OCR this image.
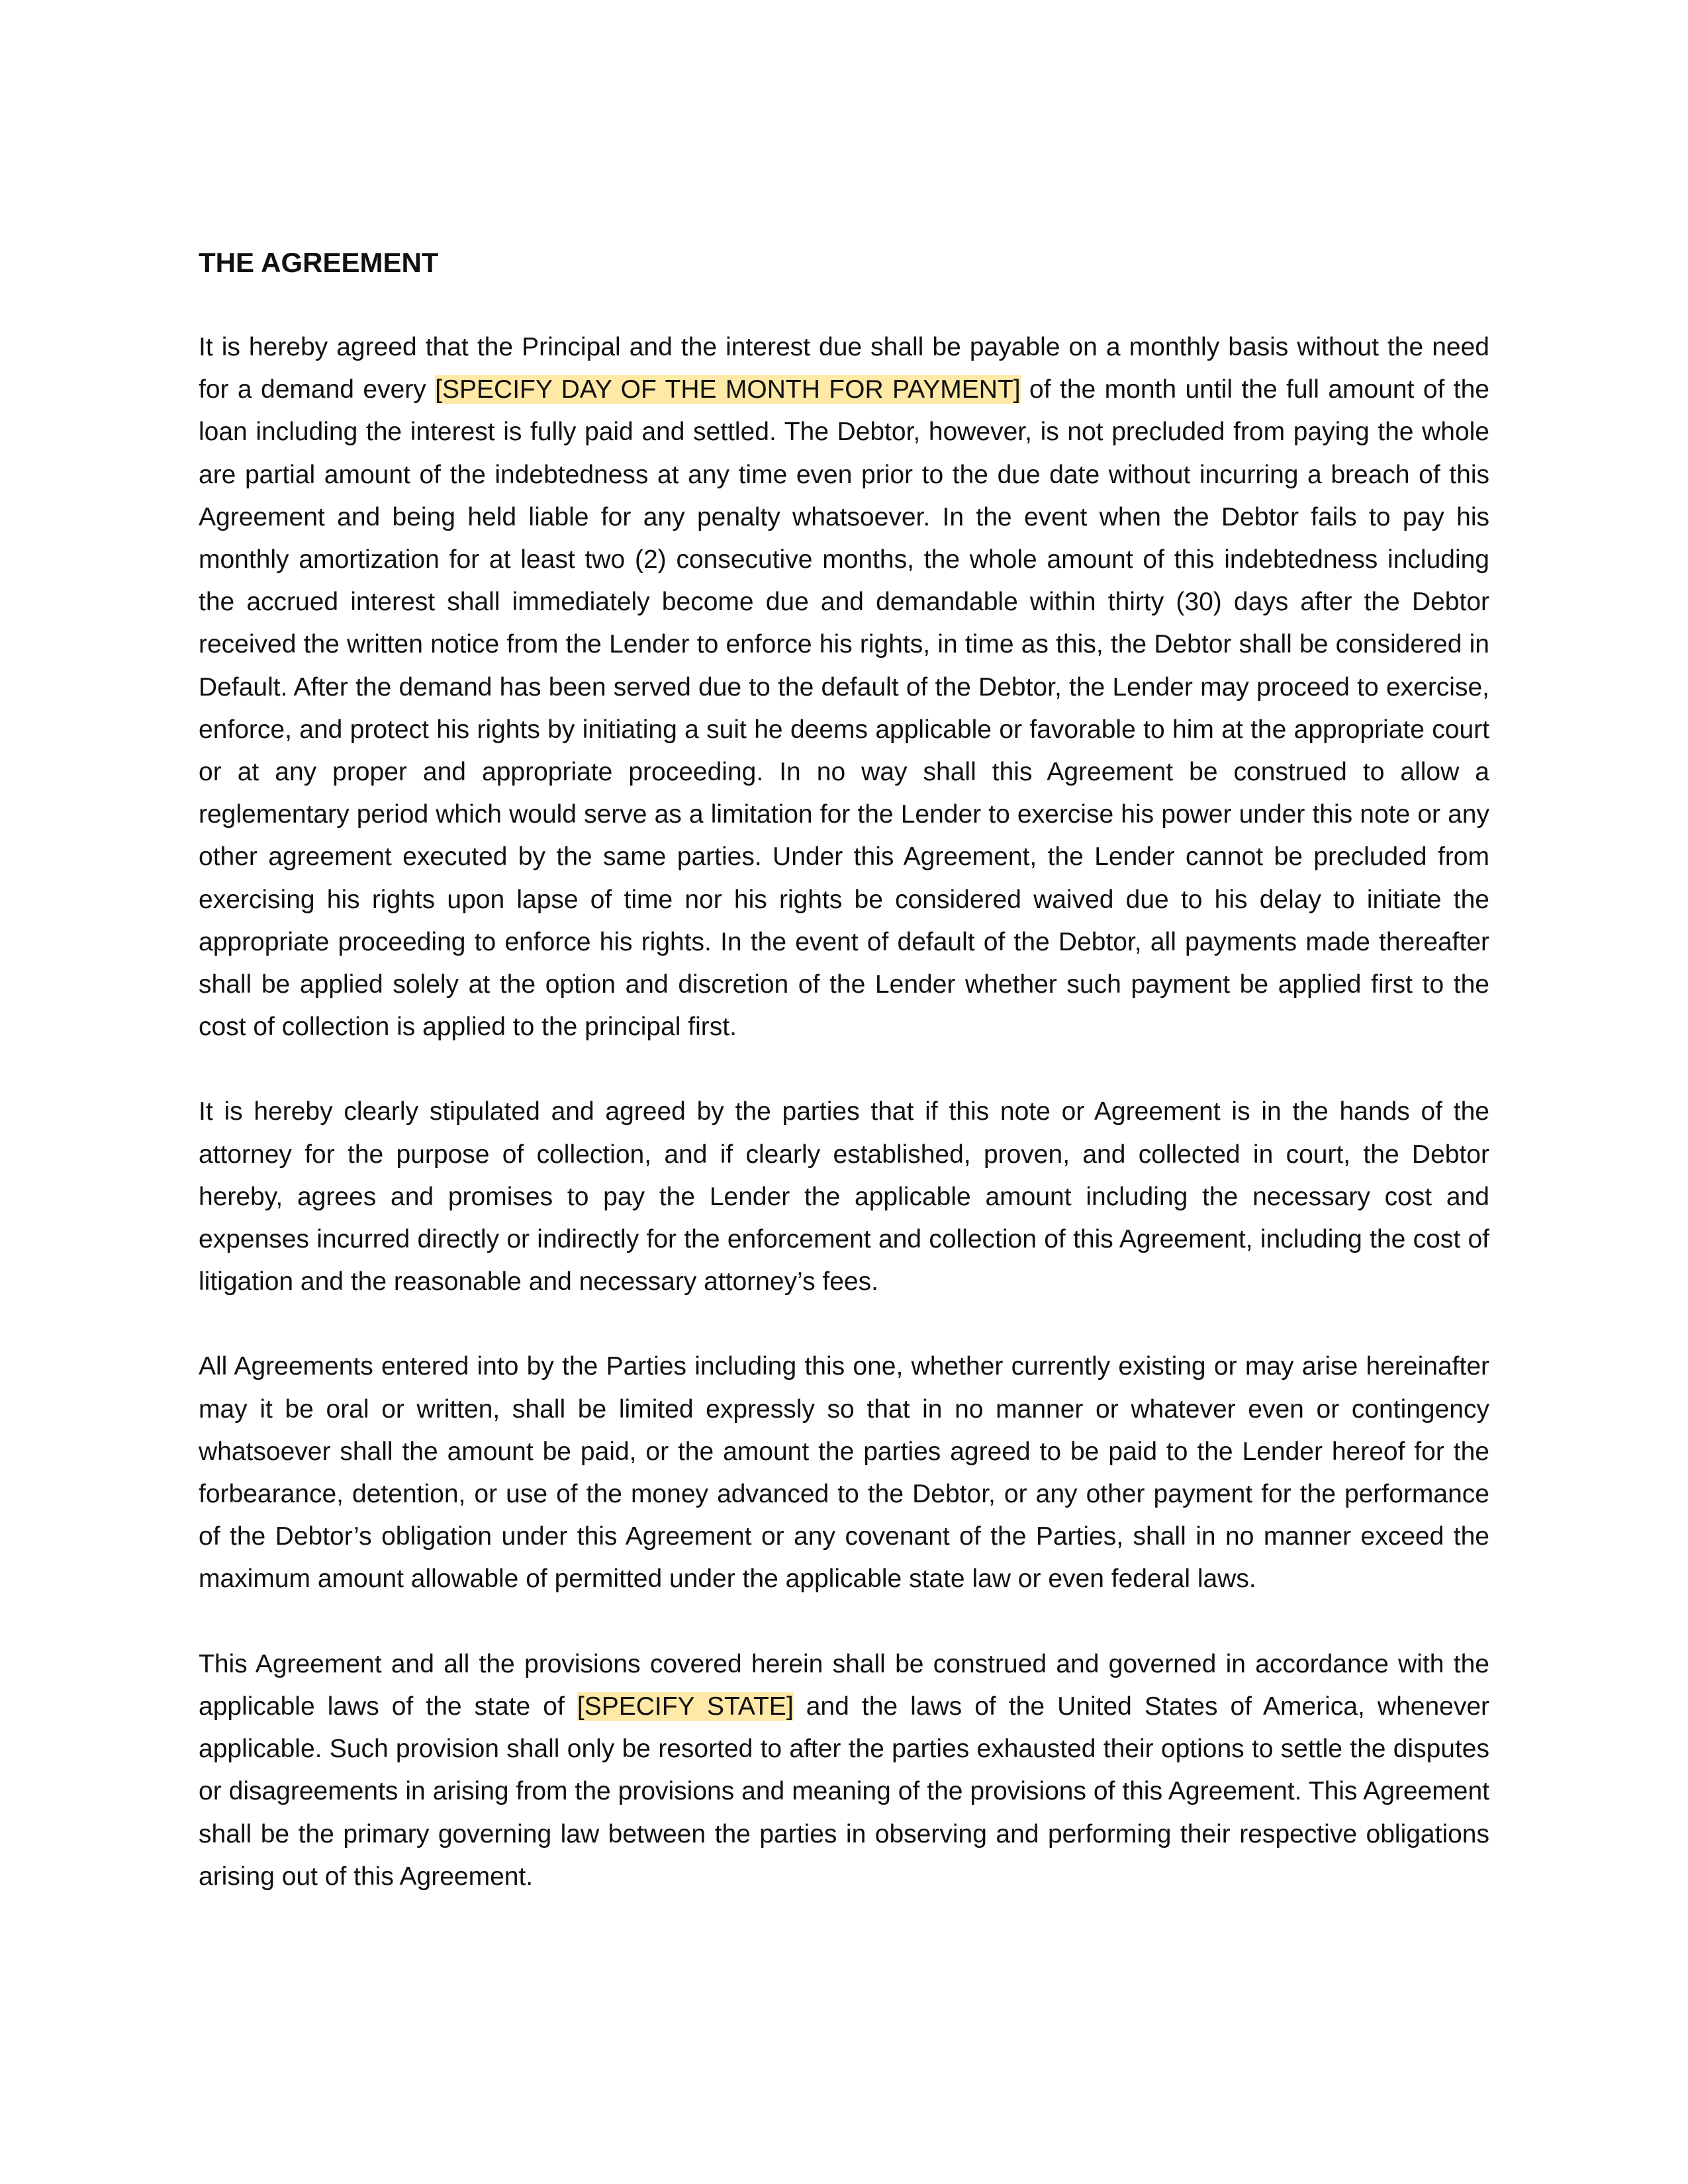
THE AGREEMENT

It is hereby agreed that the Principal and the interest due shall be payable on a monthly basis without the need for a demand every [SPECIFY DAY OF THE MONTH FOR PAYMENT] of the month until the full amount of the loan including the interest is fully paid and settled. The Debtor, however, is not precluded from paying the whole are partial amount of the indebtedness at any time even prior to the due date without incurring a breach of this Agreement and being held liable for any penalty whatsoever. In the event when the Debtor fails to pay his monthly amortization for at least two (2) consecutive months, the whole amount of this indebtedness including the accrued interest shall immediately become due and demandable within thirty (30) days after the Debtor received the written notice from the Lender to enforce his rights, in time as this, the Debtor shall be considered in Default. After the demand has been served due to the default of the Debtor, the Lender may proceed to exercise, enforce, and protect his rights by initiating a suit he deems applicable or favorable to him at the appropriate court or at any proper and appropriate proceeding. In no way shall this Agreement be construed to allow a reglementary period which would serve as a limitation for the Lender to exercise his power under this note or any other agreement executed by the same parties. Under this Agreement, the Lender cannot be precluded from exercising his rights upon lapse of time nor his rights be considered waived due to his delay to initiate the appropriate proceeding to enforce his rights. In the event of default of the Debtor, all payments made thereafter shall be applied solely at the option and discretion of the Lender whether such payment be applied first to the cost of collection is applied to the principal first.

It is hereby clearly stipulated and agreed by the parties that if this note or Agreement is in the hands of the attorney for the purpose of collection, and if clearly established, proven, and collected in court, the Debtor hereby, agrees and promises to pay the Lender the applicable amount including the necessary cost and expenses incurred directly or indirectly for the enforcement and collection of this Agreement, including the cost of litigation and the reasonable and necessary attorney’s fees.

All Agreements entered into by the Parties including this one, whether currently existing or may arise hereinafter may it be oral or written, shall be limited expressly so that in no manner or whatever even or contingency whatsoever shall the amount be paid, or the amount the parties agreed to be paid to the Lender hereof for the forbearance, detention, or use of the money advanced to the Debtor, or any other payment for the performance of the Debtor’s obligation under this Agreement or any covenant of the Parties, shall in no manner exceed the maximum amount allowable of permitted under the applicable state law or even federal laws.

This Agreement and all the provisions covered herein shall be construed and governed in accordance with the applicable laws of the state of [SPECIFY STATE] and the laws of the United States of America, whenever applicable. Such provision shall only be resorted to after the parties exhausted their options to settle the disputes or disagreements in arising from the provisions and meaning of the provisions of this Agreement. This Agreement shall be the primary governing law between the parties in observing and performing their respective obligations arising out of this Agreement.
